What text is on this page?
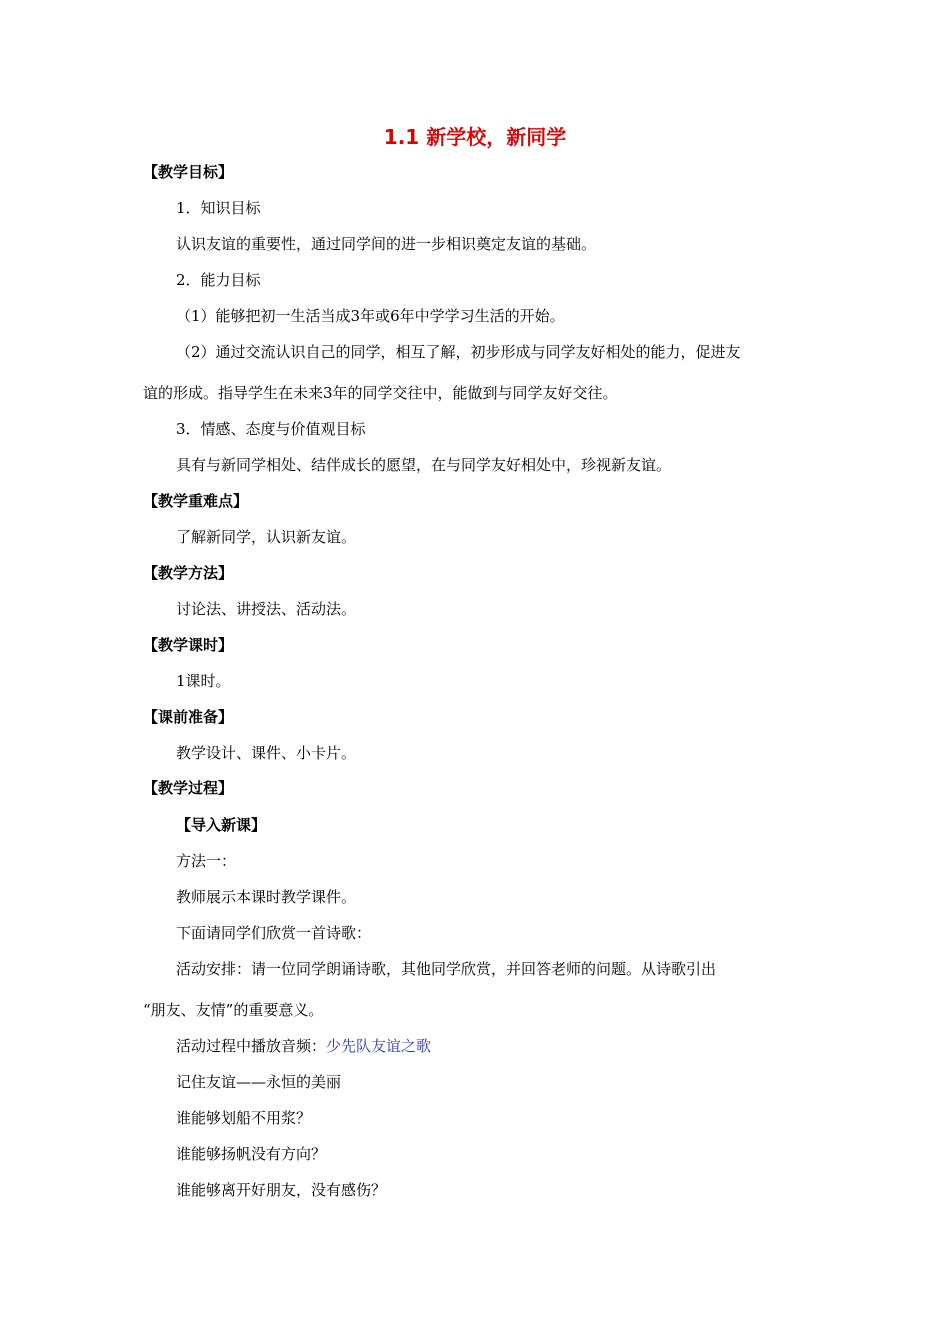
1.1 新学校，新同学
【教学目标】
1．知识目标
认识友谊的重要性，通过同学间的进一步相识奠定友谊的基础。
2．能力目标
（1）能够把初一生活当成3年或6年中学学习生活的开始。
（2）通过交流认识自己的同学，相互了解，初步形成与同学友好相处的能力，促进友
谊的形成。指导学生在未来3年的同学交往中，能做到与同学友好交往。
3．情感、态度与价值观目标
具有与新同学相处、结伴成长的愿望，在与同学友好相处中，珍视新友谊。
【教学重难点】
了解新同学，认识新友谊。
【教学方法】
讨论法、讲授法、活动法。
【教学课时】
1课时。
【课前准备】
教学设计、课件、小卡片。
【教学过程】
【导入新课】
方法一：
教师展示本课时教学课件。
下面请同学们欣赏一首诗歌：
活动安排：请一位同学朗诵诗歌，其他同学欣赏，并回答老师的问题。从诗歌引出
“朋友、友情”的重要意义。
活动过程中播放音频：少先队友谊之歌
记住友谊——永恒的美丽
谁能够划船不用浆？
谁能够扬帆没有方向？
谁能够离开好朋友，没有感伤？
